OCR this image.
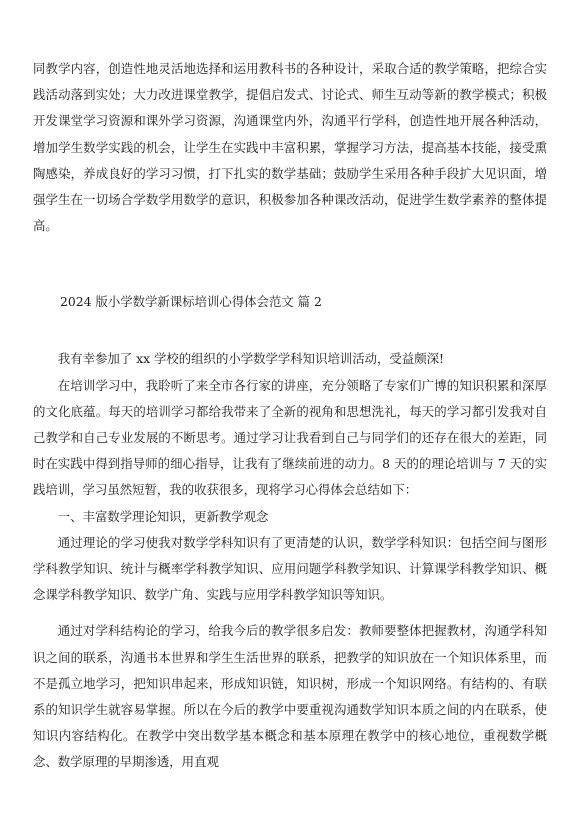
同教学内容，创造性地灵活地选择和运用教科书的各种设计，采取合适的教学策略，把综合实践活动落到实处；大力改进课堂教学，提倡启发式、讨论式、师生互动等新的教学模式；积极开发课堂学习资源和课外学习资源，沟通课堂内外，沟通平行学科，创造性地开展各种活动，增加学生数学实践的机会，让学生在实践中丰富积累，掌握学习方法，提高基本技能，接受熏陶感染，养成良好的学习习惯，打下扎实的数学基础；鼓励学生采用各种手段扩大见识面，增强学生在一切场合学数学用数学的意识，积极参加各种课改活动，促进学生数学素养的整体提高。

2024 版小学数学新课标培训心得体会范文 篇 2

我有幸参加了 xx 学校的组织的小学数学学科知识培训活动，受益颇深!

在培训学习中，我聆听了来全市各行家的讲座，充分领略了专家们广博的知识积累和深厚的文化底蕴。每天的培训学习都给我带来了全新的视角和思想洗礼，每天的学习都引发我对自己教学和自己专业发展的不断思考。通过学习让我看到自己与同学们的还存在很大的差距，同时在实践中得到指导师的细心指导，让我有了继续前进的动力。8 天的的理论培训与 7 天的实践培训，学习虽然短暂，我的收获很多，现将学习心得体会总结如下：

一、丰富数学理论知识，更新教学观念

通过理论的学习使我对数学学科知识有了更清楚的认识，数学学科知识：包括空间与图形学科教学知识、统计与概率学科教学知识、应用问题学科教学知识、计算课学科教学知识、概念课学科教学知识、数学广角、实践与应用学科教学知识等知识。

通过对学科结构论的学习，给我今后的教学很多启发：教师要整体把握教材，沟通学科知识之间的联系，沟通书本世界和学生生活世界的联系，把教学的知识放在一个知识体系里，而不是孤立地学习，把知识串起来，形成知识链，知识树，形成一个知识网络。有结构的、有联系的知识学生就容易掌握。所以在今后的教学中要重视沟通数学知识本质之间的内在联系，使知识内容结构化。在教学中突出数学基本概念和基本原理在教学中的核心地位，重视数学概念、数学原理的早期渗透，用直观
